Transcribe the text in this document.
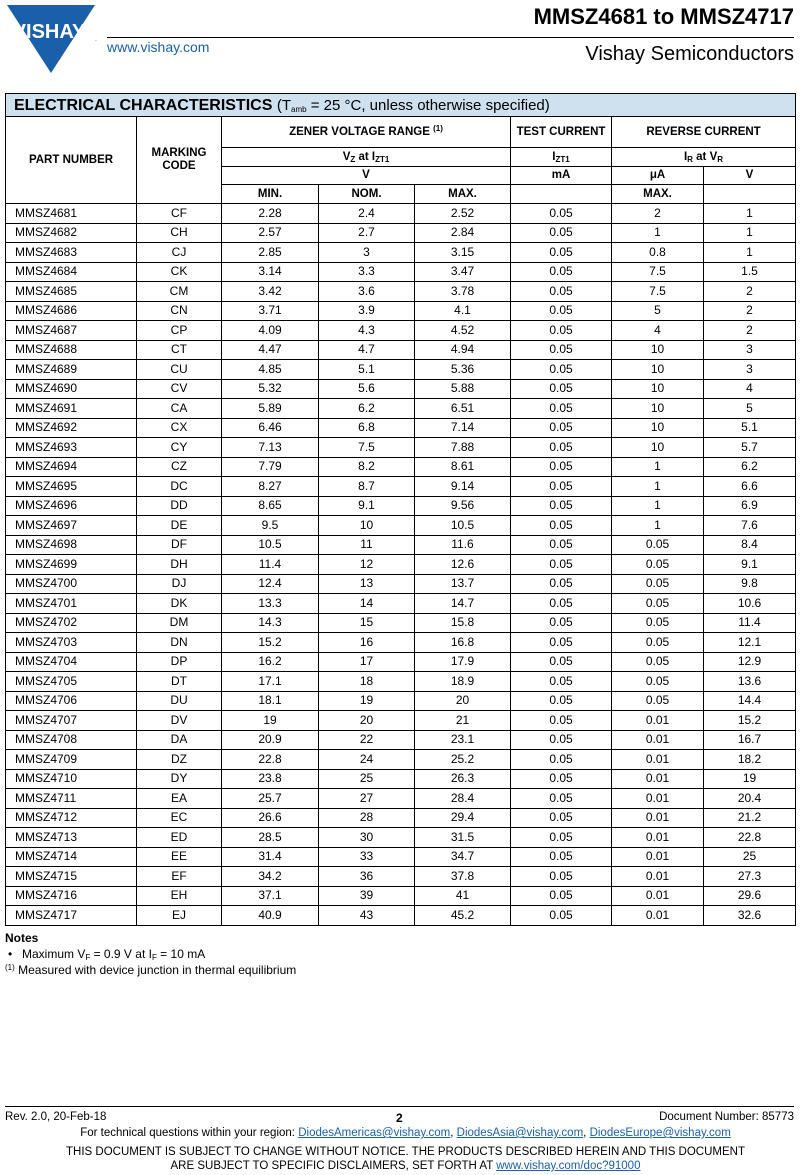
VISHAY . www.vishay.com
MMSZ4681 to MMSZ4717
Vishay Semiconductors
ELECTRICAL CHARACTERISTICS ($T_{amb} = 25$ °C, unless otherwise specified)							
PART NUMBER	MARKING CODE	ZENER VOLTAGE RANGE $^{(1)}$			TEST CURRENT	REVERSE CURRENT	
		$V_Z$ at $I_{ZT1}$			$I_{ZT1}$	$I_R$ at $V_R$
		V			mA	μA	V
		MIN.	NOM.	MAX.		MAX.	
MMSZ4681	CF	2.28	2.4	2.52	0.05	2	1
MMSZ4682	CH	2.57	2.7	2.84	0.05	1	1
MMSZ4683	CJ	2.85	3	3.15	0.05	0.8	1
MMSZ4684	CK	3.14	3.3	3.47	0.05	7.5	1.5
MMSZ4685	CM	3.42	3.6	3.78	0.05	7.5	2
MMSZ4686	CN	3.71	3.9	4.1	0.05	5	2
MMSZ4687	CP	4.09	4.3	4.52	0.05	4	2
MMSZ4688	CT	4.47	4.7	4.94	0.05	10	3
MMSZ4689	CU	4.85	5.1	5.36	0.05	10	3
MMSZ4690	CV	5.32	5.6	5.88	0.05	10	4
MMSZ4691	CA	5.89	6.2	6.51	0.05	10	5
MMSZ4692	CX	6.46	6.8	7.14	0.05	10	5.1
MMSZ4693	CY	7.13	7.5	7.88	0.05	10	5.7
MMSZ4694	CZ	7.79	8.2	8.61	0.05	1	6.2
MMSZ4695	DC	8.27	8.7	9.14	0.05	1	6.6
MMSZ4696	DD	8.65	9.1	9.56	0.05	1	6.9
MMSZ4697	DE	9.5	10	10.5	0.05	1	7.6
MMSZ4698	DF	10.5	11	11.6	0.05	0.05	8.4
MMSZ4699	DH	11.4	12	12.6	0.05	0.05	9.1
MMSZ4700	DJ	12.4	13	13.7	0.05	0.05	9.8
MMSZ4701	DK	13.3	14	14.7	0.05	0.05	10.6
MMSZ4702	DM	14.3	15	15.8	0.05	0.05	11.4
MMSZ4703	DN	15.2	16	16.8	0.05	0.05	12.1
MMSZ4704	DP	16.2	17	17.9	0.05	0.05	12.9
MMSZ4705	DT	17.1	18	18.9	0.05	0.05	13.6
MMSZ4706	DU	18.1	19	20	0.05	0.05	14.4
MMSZ4707	DV	19	20	21	0.05	0.01	15.2
MMSZ4708	DA	20.9	22	23.1	0.05	0.01	16.7
MMSZ4709	DZ	22.8	24	25.2	0.05	0.01	18.2
MMSZ4710	DY	23.8	25	26.3	0.05	0.01	19
MMSZ4711	EA	25.7	27	28.4	0.05	0.01	20.4
MMSZ4712	EC	26.6	28	29.4	0.05	0.01	21.2
MMSZ4713	ED	28.5	30	31.5	0.05	0.01	22.8
MMSZ4714	EE	31.4	33	34.7	0.05	0.01	25
MMSZ4715	EF	34.2	36	37.8	0.05	0.01	27.3
MMSZ4716	EH	37.1	39	41	0.05	0.01	29.6
MMSZ4717	EJ	40.9	43	45.2	0.05	0.01	32.6
Notes
• Maximum $V_F = 0.9$ V at $I_F = 10$ mA
$^{(1)}$ Measured with device junction in thermal equilibrium
Rev. 2.0, 20-Feb-18	2	Document Number: 85773
For technical questions within your region: DiodesAmericas@vishay.com, DiodesAsia@vishay.com, DiodesEurope@vishay.com
THIS DOCUMENT IS SUBJECT TO CHANGE WITHOUT NOTICE. THE PRODUCTS DESCRIBED HEREIN AND THIS DOCUMENT
ARE SUBJECT TO SPECIFIC DISCLAIMERS, SET FORTH AT www.vishay.com/doc?91000
